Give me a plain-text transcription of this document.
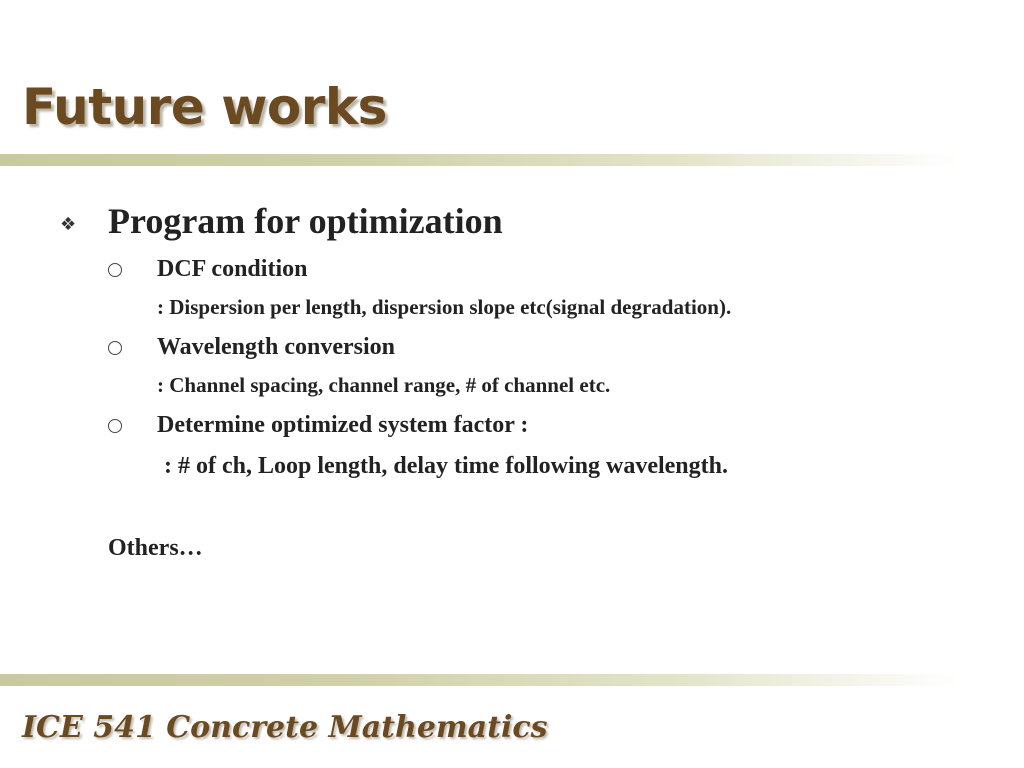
Future works
❖ Program for optimization
DCF condition
: Dispersion per length, dispersion slope etc(signal degradation).
Wavelength conversion
: Channel spacing, channel range, # of channel etc.
Determine optimized system factor :
: # of ch, Loop length, delay time following wavelength.
Others…
ICE 541 Concrete Mathematics
